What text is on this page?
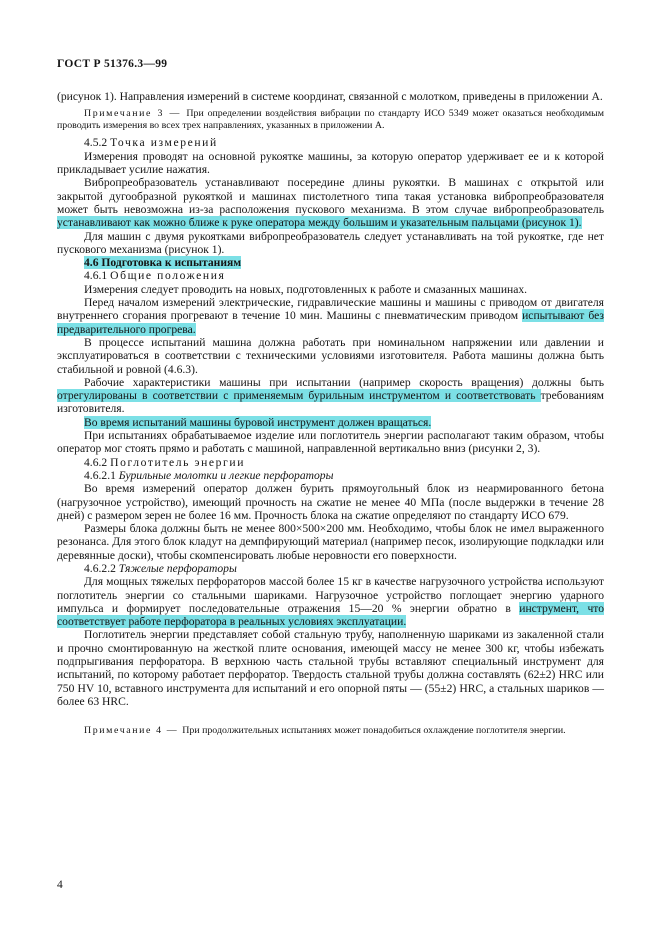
ГОСТ Р 51376.3—99

(рисунок 1). Направления измерений в системе координат, связанной с молотком, приведены в приложении А.

Примечание 3 — При определении воздействия вибрации по стандарту ИСО 5349 может оказаться необходимым проводить измерения во всех трех направлениях, указанных в приложении А.

4.5.2 Точка измерений

Измерения проводят на основной рукоятке машины, за которую оператор удерживает ее и к которой прикладывает усилие нажатия.

Вибропреобразователь устанавливают посередине длины рукоятки. В машинах с открытой или закрытой дугообразной рукояткой и машинах пистолетного типа такая установка вибропреобразователя может быть невозможна из-за расположения пускового механизма. В этом случае вибропреобразователь устанавливают как можно ближе к руке оператора между большим и указательным пальцами (рисунок 1).

Для машин с двумя рукоятками вибропреобразователь следует устанавливать на той рукоятке, где нет пускового механизма (рисунок 1).

4.6 Подготовка к испытаниям

4.6.1 Общие положения

Измерения следует проводить на новых, подготовленных к работе и смазанных машинах.

Перед началом измерений электрические, гидравлические машины и машины с приводом от двигателя внутреннего сгорания прогревают в течение 10 мин. Машины с пневматическим приводом испытывают без предварительного прогрева.

В процессе испытаний машина должна работать при номинальном напряжении или давлении и эксплуатироваться в соответствии с техническими условиями изготовителя. Работа машины должна быть стабильной и ровной (4.6.3).

Рабочие характеристики машины при испытании (например скорость вращения) должны быть отрегулированы в соответствии с применяемым бурильным инструментом и соответствовать требованиям изготовителя.

Во время испытаний машины буровой инструмент должен вращаться.

При испытаниях обрабатываемое изделие или поглотитель энергии располагают таким образом, чтобы оператор мог стоять прямо и работать с машиной, направленной вертикально вниз (рисунки 2, 3).

4.6.2 Поглотитель энергии

4.6.2.1 Бурильные молотки и легкие перфораторы

Во время измерений оператор должен бурить прямоугольный блок из неармированного бетона (нагрузочное устройство), имеющий прочность на сжатие не менее 40 МПа (после выдержки в течение 28 дней) с размером зерен не более 16 мм. Прочность блока на сжатие определяют по стандарту ИСО 679.

Размеры блока должны быть не менее 800×500×200 мм. Необходимо, чтобы блок не имел выраженного резонанса. Для этого блок кладут на демпфирующий материал (например песок, изолирующие подкладки или деревянные доски), чтобы скомпенсировать любые неровности его поверхности.

4.6.2.2 Тяжелые перфораторы

Для мощных тяжелых перфораторов массой более 15 кг в качестве нагрузочного устройства используют поглотитель энергии со стальными шариками. Нагрузочное устройство поглощает энергию ударного импульса и формирует последовательные отражения 15—20 % энергии обратно в инструмент, что соответствует работе перфоратора в реальных условиях эксплуатации.

Поглотитель энергии представляет собой стальную трубу, наполненную шариками из закаленной стали и прочно смонтированную на жесткой плите основания, имеющей массу не менее 300 кг, чтобы избежать подпрыгивания перфоратора. В верхнюю часть стальной трубы вставляют специальный инструмент для испытаний, по которому работает перфоратор. Твердость стальной трубы должна составлять (62±2) HRC или 750 HV 10, вставного инструмента для испытаний и его опорной пяты — (55±2) HRC, а стальных шариков — более 63 HRC.

Примечание 4 — При продолжительных испытаниях может понадобиться охлаждение поглотителя энергии.

4
